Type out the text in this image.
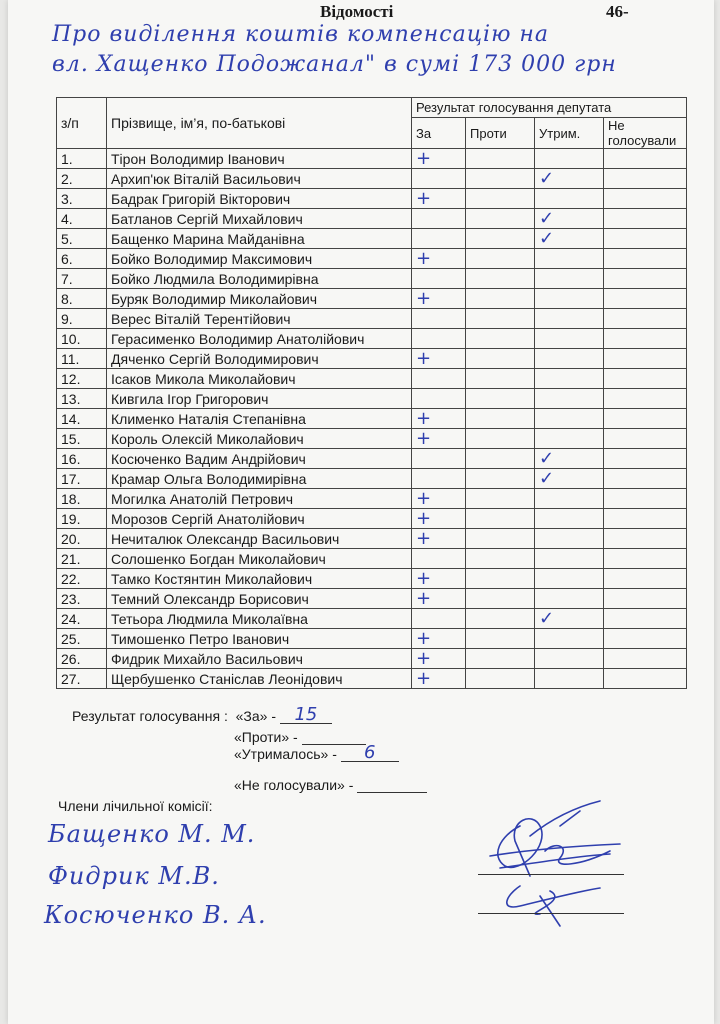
Відомості	46-
Про виділення коштів компенсацію на
вл. Хащенко Подожанал" в сумі 173 000 грн
з/п	Прізвище, ім’я, по-батькові	Результат голосування депутата			
		За	Проти	Утрим.	Не голосували
1.	Тірон Володимир Іванович	+			
2.	Архип'юк Віталій Васильович			✓	
3.	Бадрак Григорій Вікторович	+			
4.	Батланов Сергій Михайлович			✓	
5.	Бащенко Марина Майданівна			✓	
6.	Бойко Володимир Максимович	+			
7.	Бойко Людмила Володимирівна				
8.	Буряк Володимир Миколайович	+			
9.	Верес Віталій Терентійович				
10.	Герасименко Володимир Анатолійович				
11.	Дяченко Сергій Володимирович	+			
12.	Ісаков Микола Миколайович				
13.	Кивгила Ігор Григорович				
14.	Клименко Наталія Степанівна	+			
15.	Король Олексій Миколайович	+			
16.	Косюченко Вадим Андрійович			✓	
17.	Крамар Ольга Володимирівна			✓	
18.	Могилка Анатолій Петрович	+			
19.	Морозов Сергій Анатолійович	+			
20.	Нечиталюк Олександр Васильович	+			
21.	Солошенко Богдан Миколайович				
22.	Тамко Костянтин Миколайович	+			
23.	Темний Олександр Борисович	+			
24.	Тетьора Людмила Миколаївна			✓	
25.	Тимошенко Петро Іванович	+			
26.	Фидрик Михайло Васильович	+			
27.	Щербушенко Станіслав Леонідович	+			
Результат голосування : «За» - 15
«Проти» -
«Утрималось» - 6
«Не голосували» -
Члени лічильної комісії:
Бащенко М. М.
Фидрик М.В.
Косюченко В. А.
